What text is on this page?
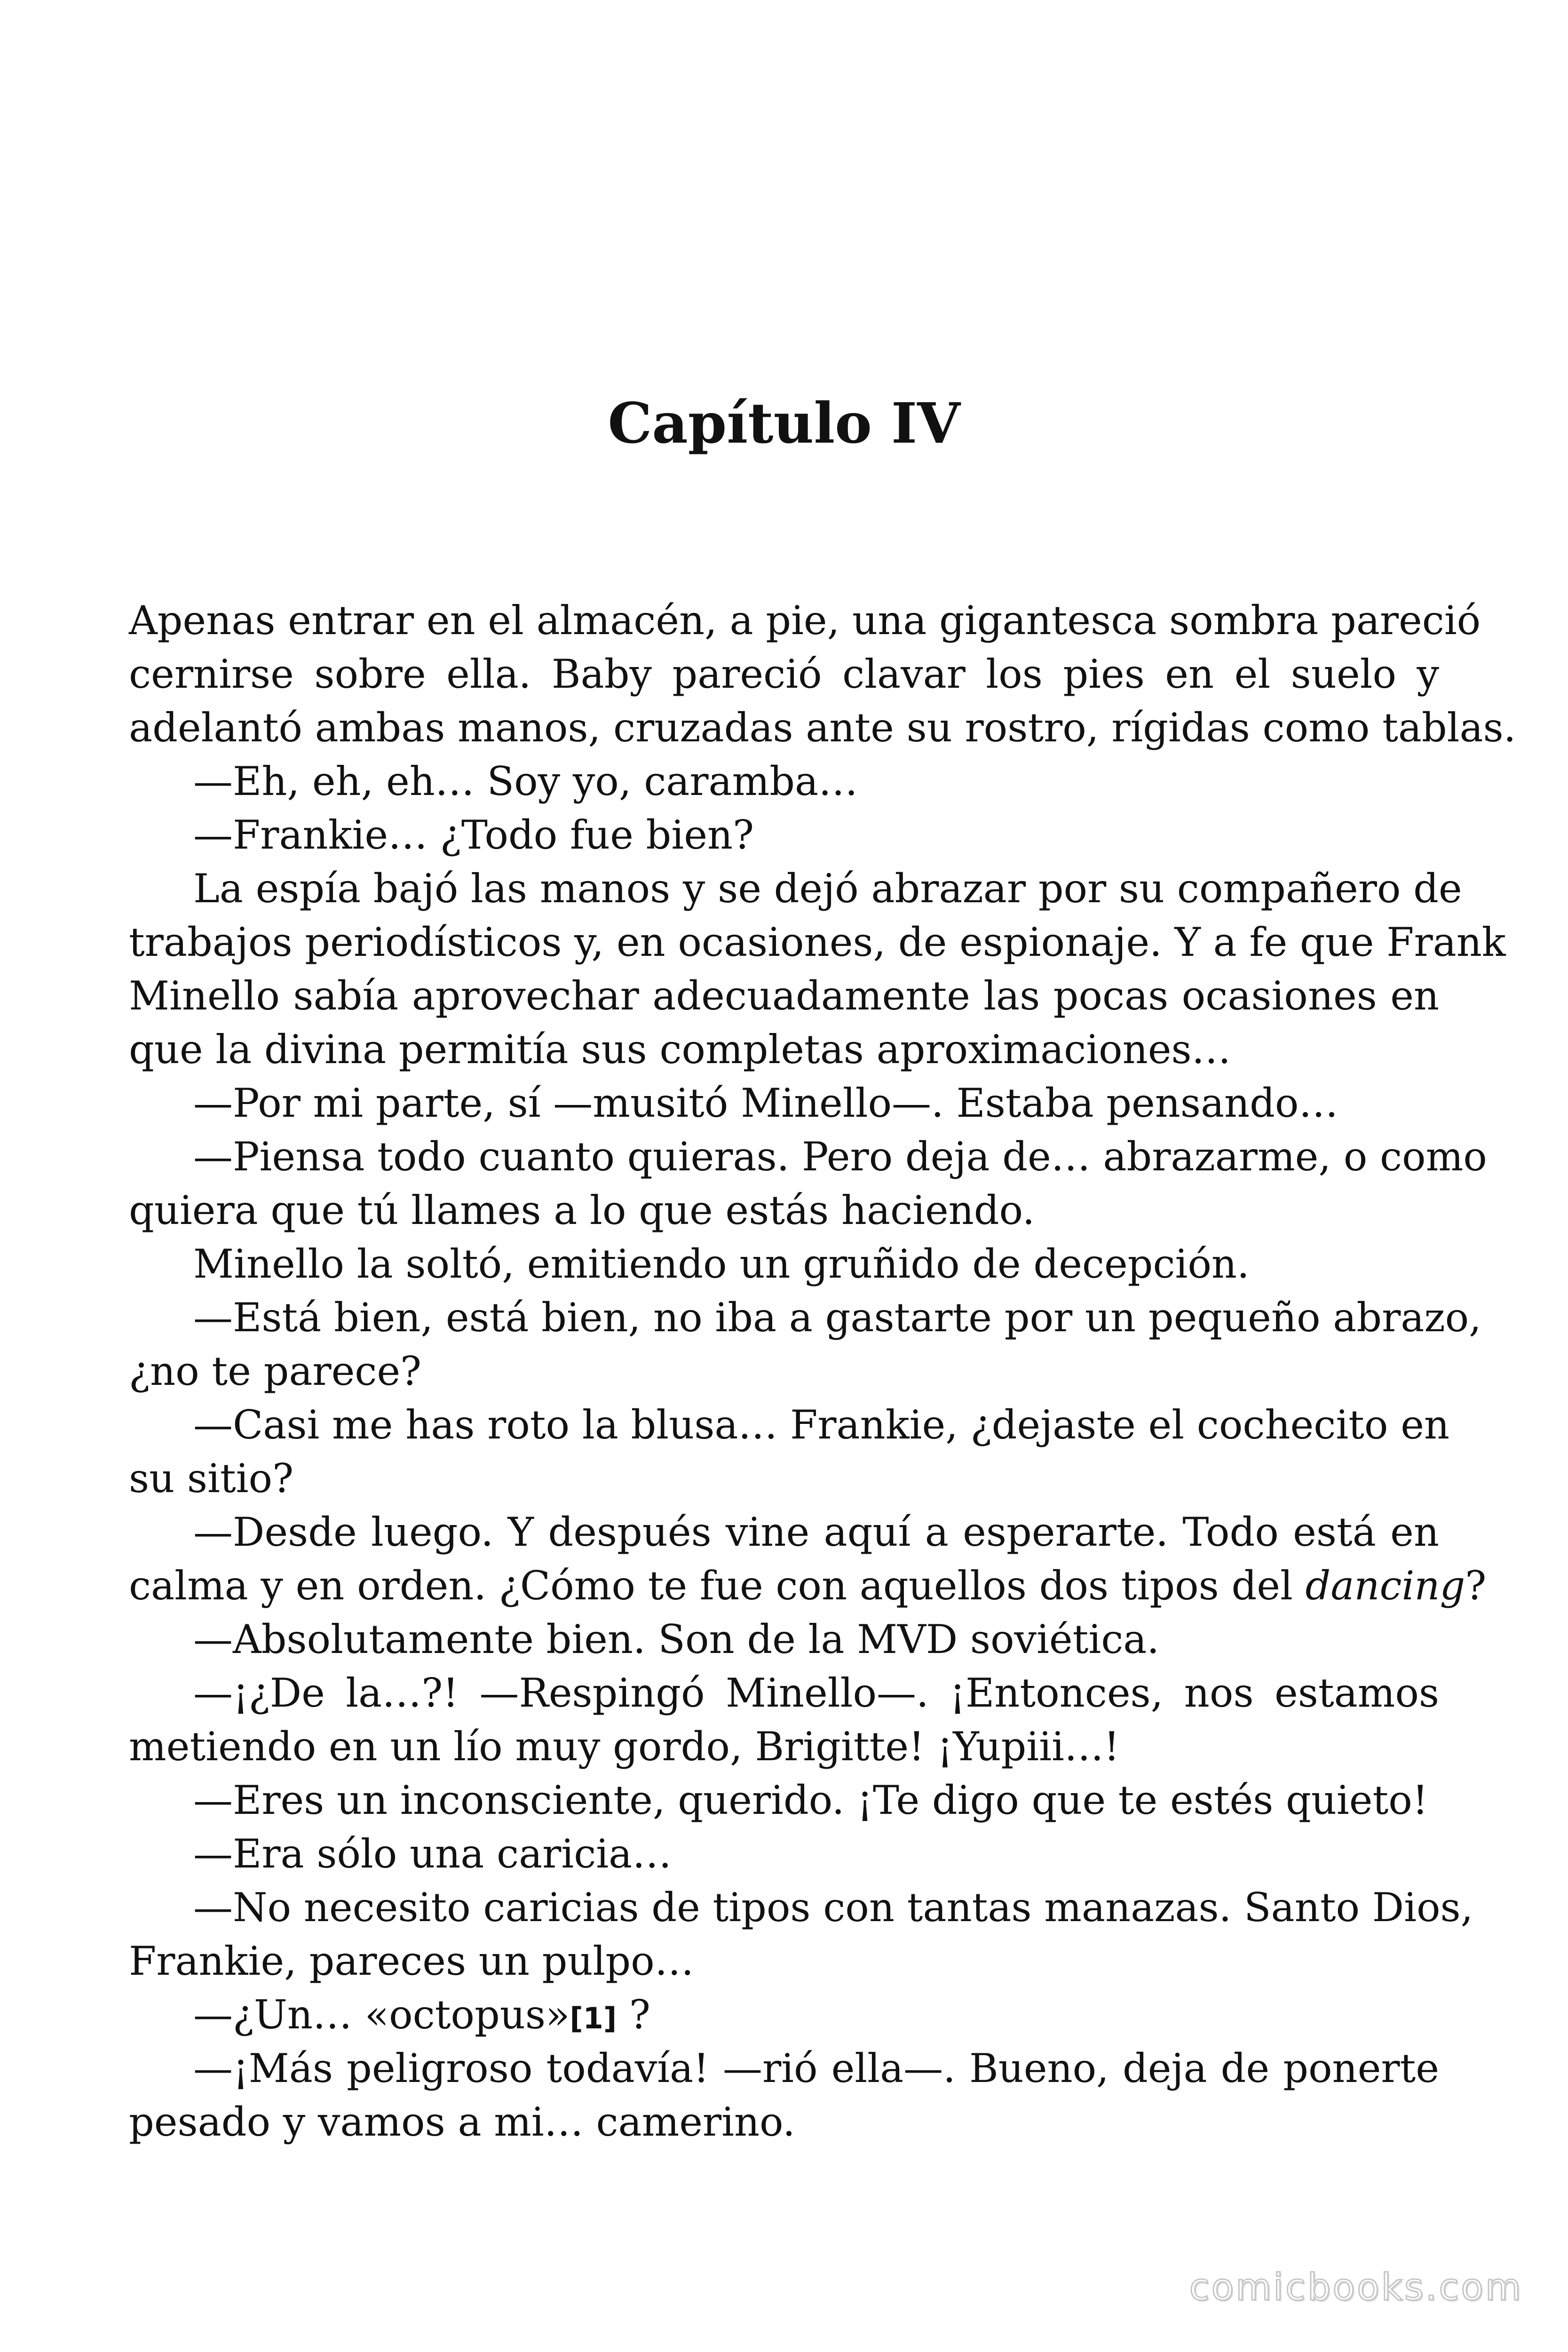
Capítulo IV
Apenas entrar en el almacén, a pie, una gigantesca sombra pareció
cernirse sobre ella. Baby pareció clavar los pies en el suelo y
adelantó ambas manos, cruzadas ante su rostro, rígidas como tablas.
—Eh, eh, eh… Soy yo, caramba…
—Frankie… ¿Todo fue bien?
La espía bajó las manos y se dejó abrazar por su compañero de
trabajos periodísticos y, en ocasiones, de espionaje. Y a fe que Frank
Minello sabía aprovechar adecuadamente las pocas ocasiones en
que la divina permitía sus completas aproximaciones…
—Por mi parte, sí —musitó Minello—. Estaba pensando…
—Piensa todo cuanto quieras. Pero deja de… abrazarme, o como
quiera que tú llames a lo que estás haciendo.
Minello la soltó, emitiendo un gruñido de decepción.
—Está bien, está bien, no iba a gastarte por un pequeño abrazo,
¿no te parece?
—Casi me has roto la blusa… Frankie, ¿dejaste el cochecito en
su sitio?
—Desde luego. Y después vine aquí a esperarte. Todo está en
calma y en orden. ¿Cómo te fue con aquellos dos tipos del dancing?
—Absolutamente bien. Son de la MVD soviética.
—¡¿De la…?! —Respingó Minello—. ¡Entonces, nos estamos
metiendo en un lío muy gordo, Brigitte! ¡Yupiii…!
—Eres un inconsciente, querido. ¡Te digo que te estés quieto!
—Era sólo una caricia…
—No necesito caricias de tipos con tantas manazas. Santo Dios,
Frankie, pareces un pulpo…
—¿Un… «octopus»[1] ?
—¡Más peligroso todavía! —rió ella—. Bueno, deja de ponerte
pesado y vamos a mi… camerino.
comicbooks.com
